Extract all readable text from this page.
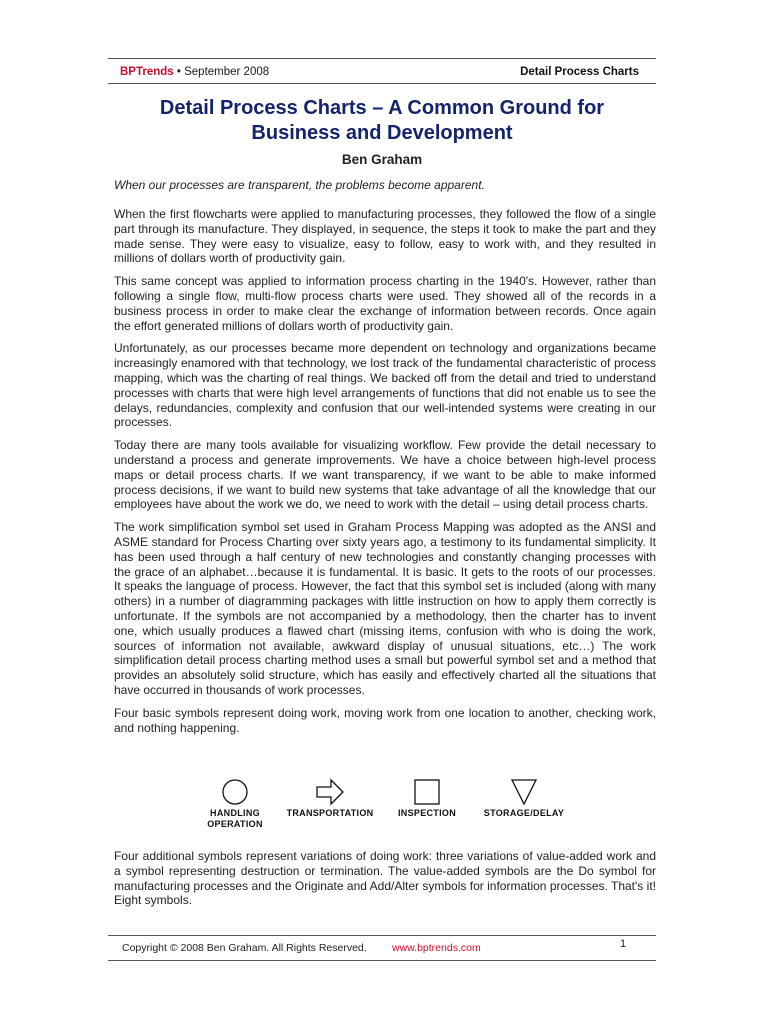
BPTrends • September 2008	Detail Process Charts
Detail Process Charts – A Common Ground for
Business and Development
Ben Graham
When our processes are transparent, the problems become apparent.

When the first flowcharts were applied to manufacturing processes, they followed the flow of a single part through its manufacture. They displayed, in sequence, the steps it took to make the part and they made sense. They were easy to visualize, easy to follow, easy to work with, and they resulted in millions of dollars worth of productivity gain.

This same concept was applied to information process charting in the 1940's. However, rather than following a single flow, multi-flow process charts were used. They showed all of the records in a business process in order to make clear the exchange of information between records. Once again the effort generated millions of dollars worth of productivity gain.

Unfortunately, as our processes became more dependent on technology and organizations became increasingly enamored with that technology, we lost track of the fundamental characteristic of process mapping, which was the charting of real things. We backed off from the detail and tried to understand processes with charts that were high level arrangements of functions that did not enable us to see the delays, redundancies, complexity and confusion that our well-intended systems were creating in our processes.

Today there are many tools available for visualizing workflow. Few provide the detail necessary to understand a process and generate improvements. We have a choice between high-level process maps or detail process charts. If we want transparency, if we want to be able to make informed process decisions, if we want to build new systems that take advantage of all the knowledge that our employees have about the work we do, we need to work with the detail – using detail process charts.

The work simplification symbol set used in Graham Process Mapping was adopted as the ANSI and ASME standard for Process Charting over sixty years ago, a testimony to its fundamental simplicity. It has been used through a half century of new technologies and constantly changing processes with the grace of an alphabet…because it is fundamental. It is basic. It gets to the roots of our processes. It speaks the language of process. However, the fact that this symbol set is included (along with many others) in a number of diagramming packages with little instruction on how to apply them correctly is unfortunate. If the symbols are not accompanied by a methodology, then the charter has to invent one, which usually produces a flawed chart (missing items, confusion with who is doing the work, sources of information not available, awkward display of unusual situations, etc…) The work simplification detail process charting method uses a small but powerful symbol set and a method that provides an absolutely solid structure, which has easily and effectively charted all the situations that have occurred in thousands of work processes.

Four basic symbols represent doing work, moving work from one location to another, checking work, and nothing happening.

HANDLING
OPERATION
TRANSPORTATION	INSPECTION	STORAGE/DELAY

Four additional symbols represent variations of doing work: three variations of value-added work and a symbol representing destruction or termination. The value-added symbols are the Do symbol for manufacturing processes and the Originate and Add/Alter symbols for information processes. That's it! Eight symbols.

Copyright © 2008 Ben Graham. All Rights Reserved. www.bptrends.com	1
